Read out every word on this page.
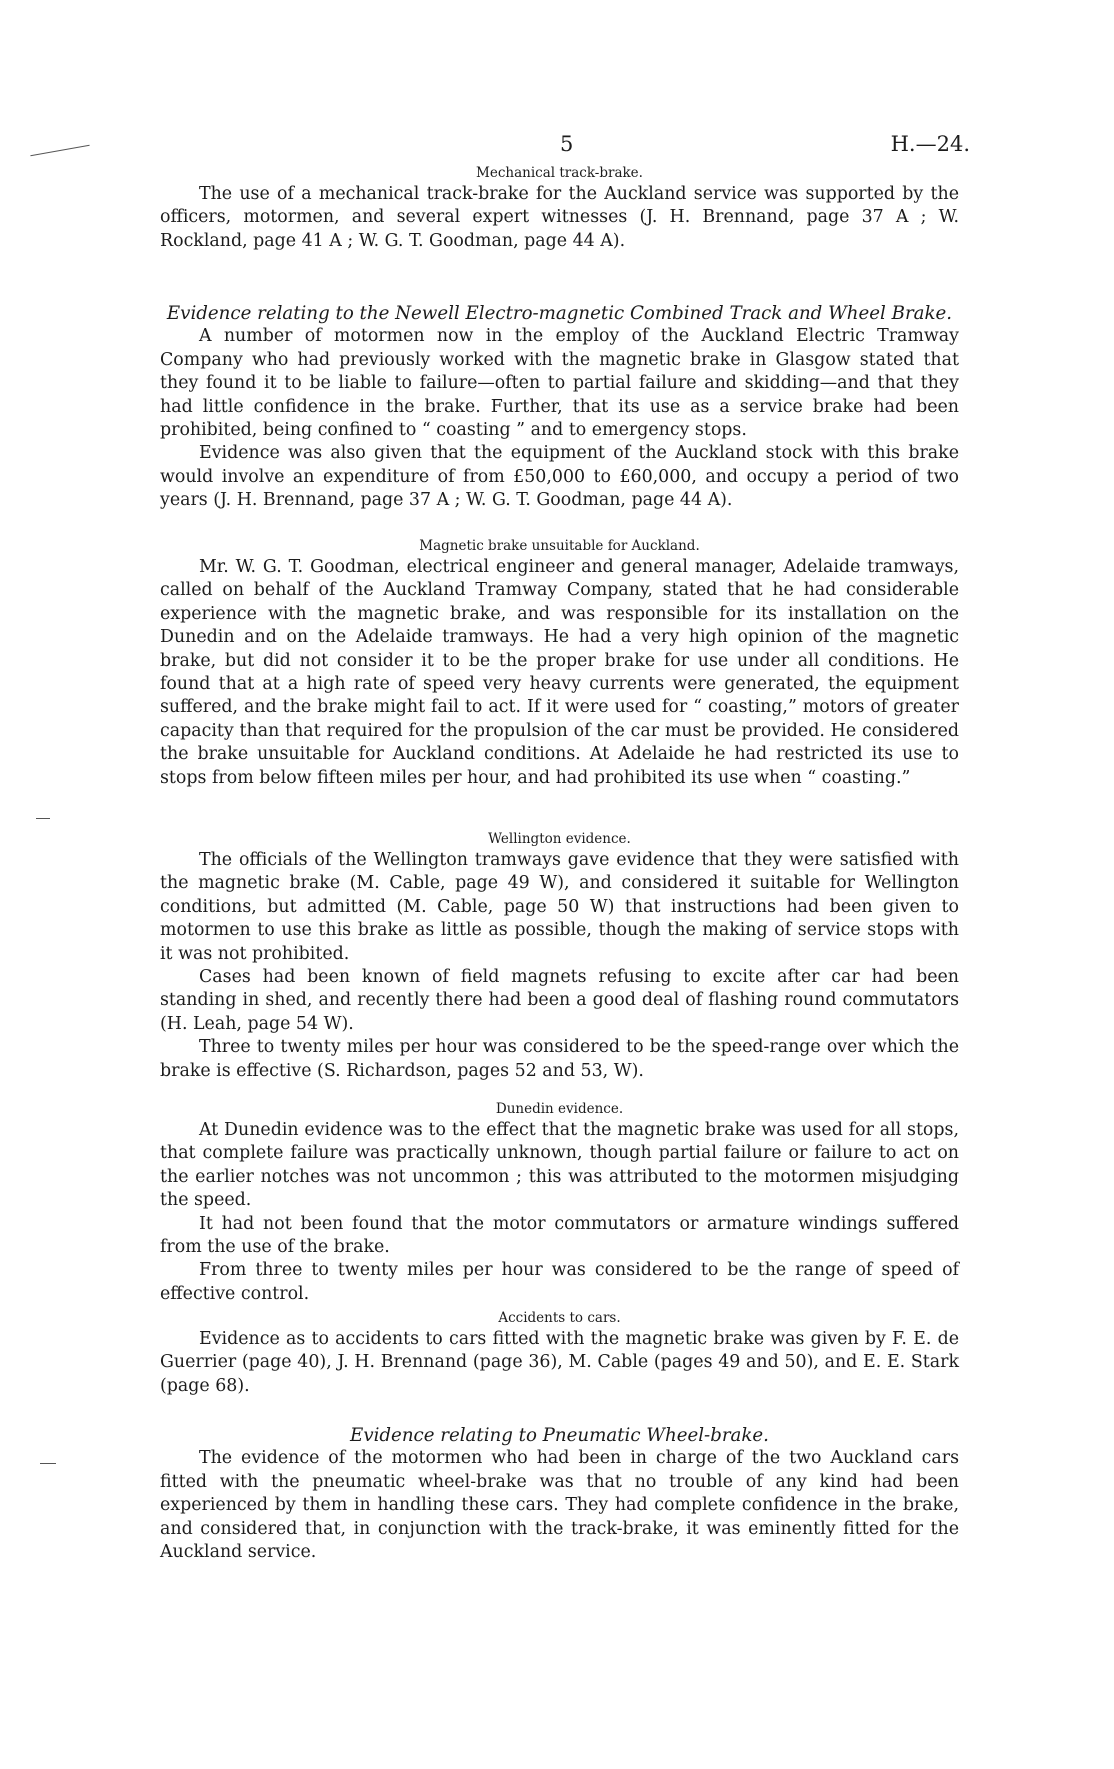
5	H.—24.

Mechanical track-brake.

The use of a mechanical track-brake for the Auckland service was supported by the officers, motormen, and several expert witnesses (J. H. Brennand, page 37 A ; W. Rockland, page 41 A ; W. G. T. Goodman, page 44 A).

Evidence relating to the Newell Electro-magnetic Combined Track and Wheel Brake.

A number of motormen now in the employ of the Auckland Electric Tramway Company who had previously worked with the magnetic brake in Glasgow stated that they found it to be liable to failure—often to partial failure and skidding—and that they had little confidence in the brake. Further, that its use as a service brake had been prohibited, being confined to “ coasting ” and to emergency stops.

Evidence was also given that the equipment of the Auckland stock with this brake would involve an expenditure of from £50,000 to £60,000, and occupy a period of two years (J. H. Brennand, page 37 A ; W. G. T. Goodman, page 44 A).

Magnetic brake unsuitable for Auckland.

Mr. W. G. T. Goodman, electrical engineer and general manager, Adelaide tramways, called on behalf of the Auckland Tramway Company, stated that he had considerable experience with the magnetic brake, and was responsible for its installation on the Dunedin and on the Adelaide tramways. He had a very high opinion of the magnetic brake, but did not consider it to be the proper brake for use under all conditions. He found that at a high rate of speed very heavy currents were generated, the equipment suffered, and the brake might fail to act. If it were used for “ coasting,” motors of greater capacity than that required for the propulsion of the car must be provided. He considered the brake unsuitable for Auckland conditions. At Adelaide he had restricted its use to stops from below fifteen miles per hour, and had prohibited its use when “ coasting.”

Wellington evidence.

The officials of the Wellington tramways gave evidence that they were satisfied with the magnetic brake (M. Cable, page 49 W), and considered it suitable for Wellington conditions, but admitted (M. Cable, page 50 W) that instructions had been given to motormen to use this brake as little as possible, though the making of service stops with it was not prohibited.

Cases had been known of field magnets refusing to excite after car had been standing in shed, and recently there had been a good deal of flashing round commutators (H. Leah, page 54 W).

Three to twenty miles per hour was considered to be the speed-range over which the brake is effective (S. Richardson, pages 52 and 53, W).

Dunedin evidence.

At Dunedin evidence was to the effect that the magnetic brake was used for all stops, that complete failure was practically unknown, though partial failure or failure to act on the earlier notches was not uncommon ; this was attributed to the motormen misjudging the speed.

It had not been found that the motor commutators or armature windings suffered from the use of the brake.

From three to twenty miles per hour was considered to be the range of speed of effective control.

Accidents to cars.

Evidence as to accidents to cars fitted with the magnetic brake was given by F. E. de Guerrier (page 40), J. H. Brennand (page 36), M. Cable (pages 49 and 50), and E. E. Stark (page 68).

Evidence relating to Pneumatic Wheel-brake.

The evidence of the motormen who had been in charge of the two Auckland cars fitted with the pneumatic wheel-brake was that no trouble of any kind had been experienced by them in handling these cars. They had complete confidence in the brake, and considered that, in conjunction with the track-brake, it was eminently fitted for the Auckland service.
